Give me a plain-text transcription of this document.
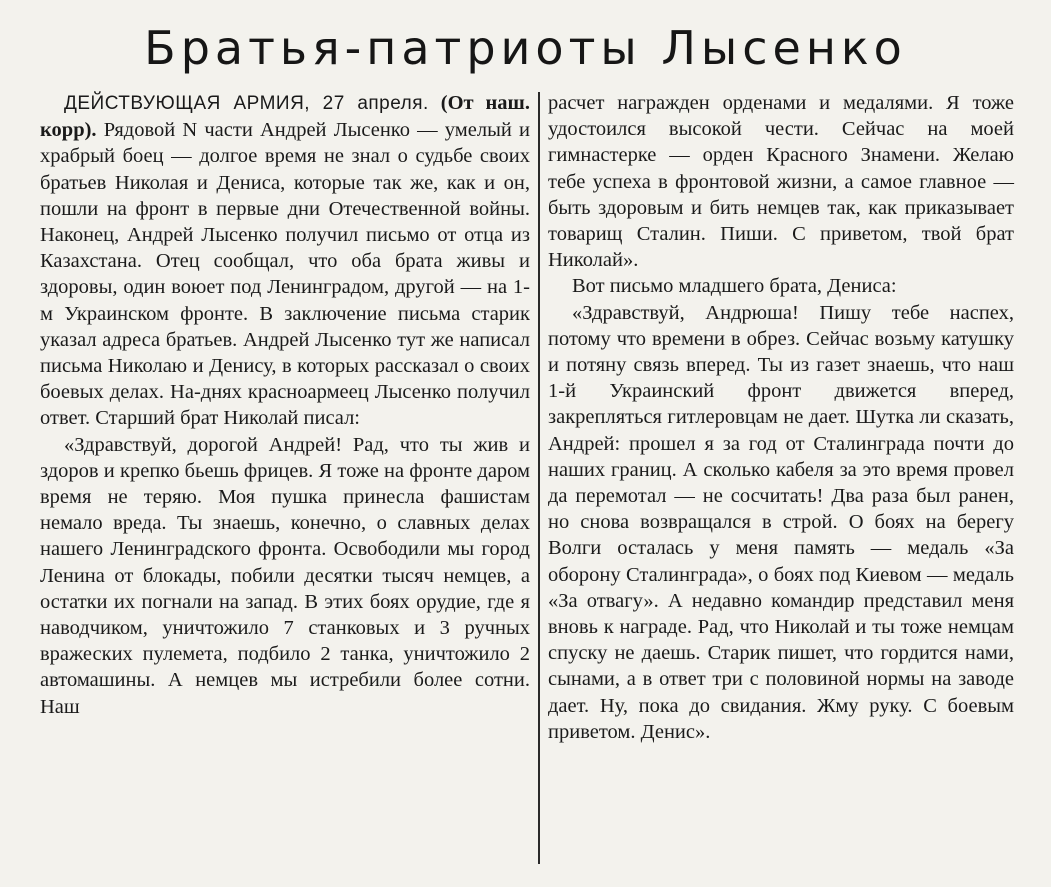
Братья-патриоты Лысенко

ДЕЙСТВУЮЩАЯ АРМИЯ, 27 апреля. (От наш. корр). Рядовой N части Андрей Лысенко — умелый и храбрый боец — долгое время не знал о судьбе своих братьев Николая и Дениса, которые так же, как и он, пошли на фронт в первые дни Отечественной войны. Наконец, Андрей Лысенко получил письмо от отца из Казахстана. Отец сообщал, что оба брата живы и здоровы, один воюет под Ленинградом, другой — на 1-м Украинском фронте. В заключение письма старик указал адреса братьев. Андрей Лысенко тут же написал письма Николаю и Денису, в которых рассказал о своих боевых делах. На-днях красноармеец Лысенко получил ответ. Старший брат Николай писал:

«Здравствуй, дорогой Андрей! Рад, что ты жив и здоров и крепко бьешь фрицев. Я тоже на фронте даром время не теряю. Моя пушка принесла фашистам немало вреда. Ты знаешь, конечно, о славных делах нашего Ленинградского фронта. Освободили мы город Ленина от блокады, побили десятки тысяч немцев, а остатки их погнали на запад. В этих боях орудие, где я наводчиком, уничтожило 7 станковых и 3 ручных вражеских пулемета, подбило 2 танка, уничтожило 2 автомашины. А немцев мы истребили более сотни. Наш

расчет награжден орденами и медалями. Я тоже удостоился высокой чести. Сейчас на моей гимнастерке — орден Красного Знамени. Желаю тебе успеха в фронтовой жизни, а самое главное — быть здоровым и бить немцев так, как приказывает товарищ Сталин. Пиши. С приветом, твой брат Николай».

Вот письмо младшего брата, Дениса:

«Здравствуй, Андрюша! Пишу тебе наспех, потому что времени в обрез. Сейчас возьму катушку и потяну связь вперед. Ты из газет знаешь, что наш 1-й Украинский фронт движется вперед, закрепляться гитлеровцам не дает. Шутка ли сказать, Андрей: прошел я за год от Сталинграда почти до наших границ. А сколько кабеля за это время провел да перемотал — не сосчитать! Два раза был ранен, но снова возвращался в строй. О боях на берегу Волги осталась у меня память — медаль «За оборону Сталинграда», о боях под Киевом — медаль «За отвагу». А недавно командир представил меня вновь к награде. Рад, что Николай и ты тоже немцам спуску не даешь. Старик пишет, что гордится нами, сынами, а в ответ три с половиной нормы на заводе дает. Ну, пока до свидания. Жму руку. С боевым приветом. Денис».
